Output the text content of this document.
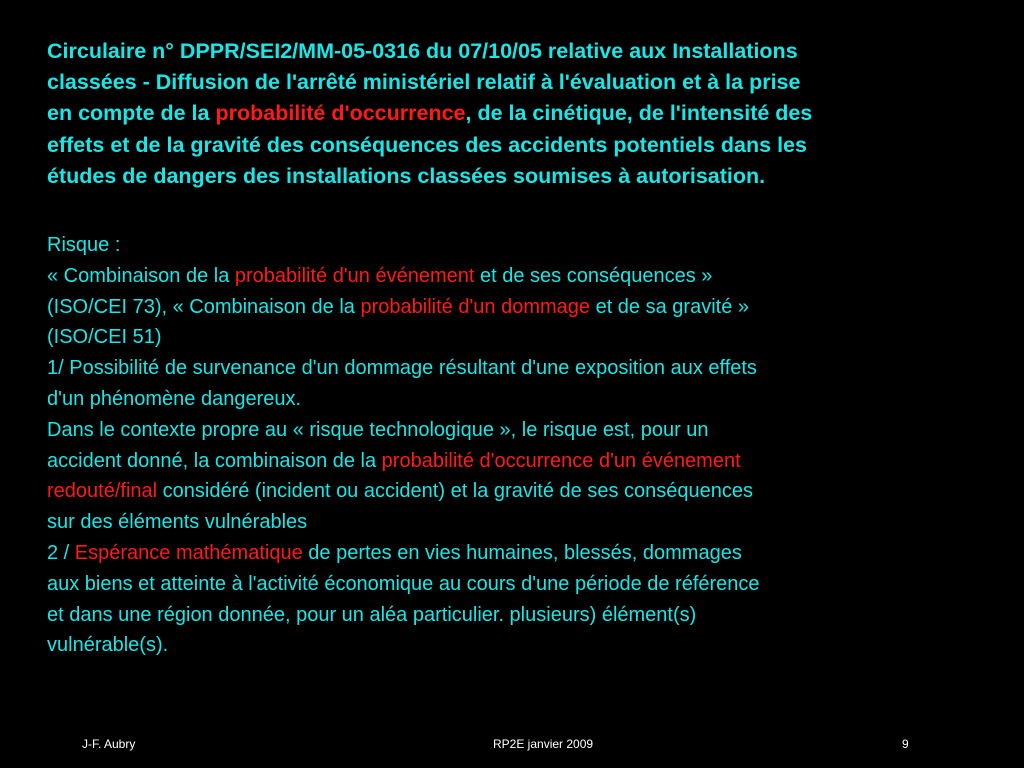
Circulaire n° DPPR/SEI2/MM-05-0316 du 07/10/05 relative aux Installations
classées - Diffusion de l'arrêté ministériel relatif à l'évaluation et à la prise
en compte de la probabilité d'occurrence, de la cinétique, de l'intensité des
effets et de la gravité des conséquences des accidents potentiels dans les
études de dangers des installations classées soumises à autorisation.
Risque :
« Combinaison de la probabilité d'un événement et de ses conséquences »
(ISO/CEI 73), « Combinaison de la probabilité d'un dommage et de sa gravité »
(ISO/CEI 51)
1/ Possibilité de survenance d'un dommage résultant d'une exposition aux effets
d'un phénomène dangereux.
Dans le contexte propre au « risque technologique », le risque est, pour un
accident donné, la combinaison de la probabilité d'occurrence d'un événement
redouté/final considéré (incident ou accident) et la gravité de ses conséquences
sur des éléments vulnérables
2 / Espérance mathématique de pertes en vies humaines, blessés, dommages
aux biens et atteinte à l'activité économique au cours d'une période de référence
et dans une région donnée, pour un aléa particulier. plusieurs) élément(s)
vulnérable(s).
J-F. Aubry	RP2E janvier 2009	9
